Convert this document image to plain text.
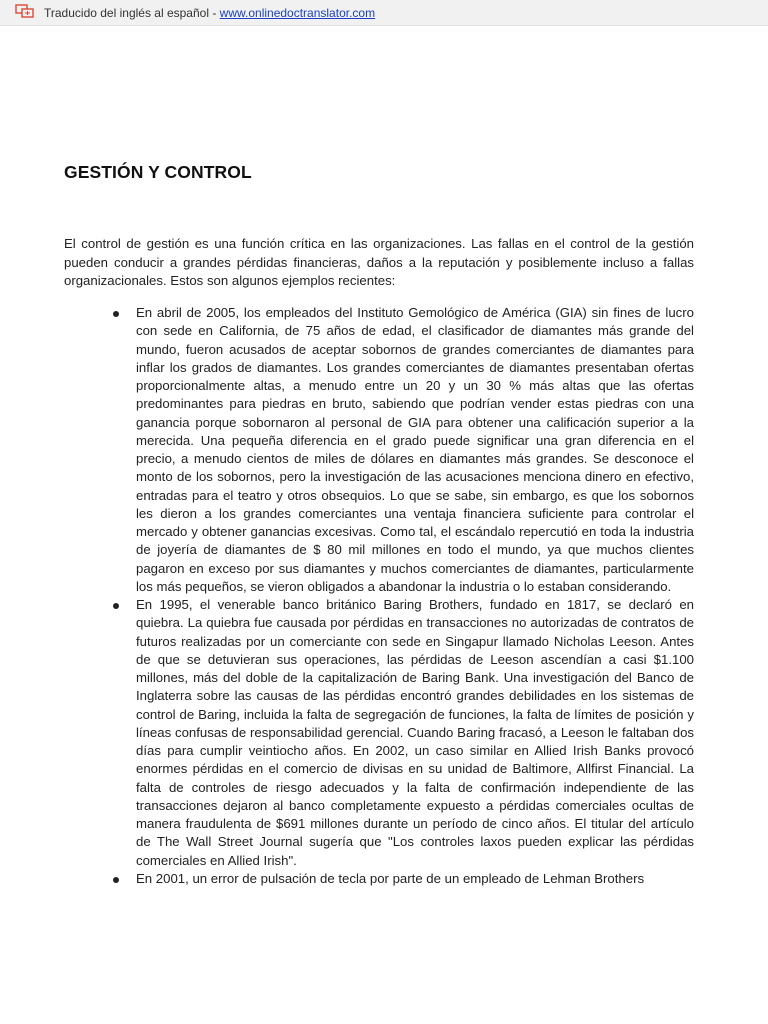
Traducido del inglés al español - www.onlinedoctranslator.com
GESTIÓN Y CONTROL

El control de gestión es una función crítica en las organizaciones. Las fallas en el control de la gestión pueden conducir a grandes pérdidas financieras, daños a la reputación y posiblemente incluso a fallas organizacionales. Estos son algunos ejemplos recientes:

En abril de 2005, los empleados del Instituto Gemológico de América (GIA) sin fines de lucro con sede en California, de 75 años de edad, el clasificador de diamantes más grande del mundo, fueron acusados de aceptar sobornos de grandes comerciantes de diamantes para inflar los grados de diamantes. Los grandes comerciantes de diamantes presentaban ofertas proporcionalmente altas, a menudo entre un 20 y un 30 % más altas que las ofertas predominantes para piedras en bruto, sabiendo que podrían vender estas piedras con una ganancia porque sobornaron al personal de GIA para obtener una calificación superior a la merecida. Una pequeña diferencia en el grado puede significar una gran diferencia en el precio, a menudo cientos de miles de dólares en diamantes más grandes. Se desconoce el monto de los sobornos, pero la investigación de las acusaciones menciona dinero en efectivo, entradas para el teatro y otros obsequios. Lo que se sabe, sin embargo, es que los sobornos les dieron a los grandes comerciantes una ventaja financiera suficiente para controlar el mercado y obtener ganancias excesivas. Como tal, el escándalo repercutió en toda la industria de joyería de diamantes de $ 80 mil millones en todo el mundo, ya que muchos clientes pagaron en exceso por sus diamantes y muchos comerciantes de diamantes, particularmente los más pequeños, se vieron obligados a abandonar la industria o lo estaban considerando.
En 1995, el venerable banco británico Baring Brothers, fundado en 1817, se declaró en quiebra. La quiebra fue causada por pérdidas en transacciones no autorizadas de contratos de futuros realizadas por un comerciante con sede en Singapur llamado Nicholas Leeson. Antes de que se detuvieran sus operaciones, las pérdidas de Leeson ascendían a casi $1.100 millones, más del doble de la capitalización de Baring Bank. Una investigación del Banco de Inglaterra sobre las causas de las pérdidas encontró grandes debilidades en los sistemas de control de Baring, incluida la falta de segregación de funciones, la falta de límites de posición y líneas confusas de responsabilidad gerencial. Cuando Baring fracasó, a Leeson le faltaban dos días para cumplir veintiocho años. En 2002, un caso similar en Allied Irish Banks provocó enormes pérdidas en el comercio de divisas en su unidad de Baltimore, Allfirst Financial. La falta de controles de riesgo adecuados y la falta de confirmación independiente de las transacciones dejaron al banco completamente expuesto a pérdidas comerciales ocultas de manera fraudulenta de $691 millones durante un período de cinco años. El titular del artículo de The Wall Street Journal sugería que "Los controles laxos pueden explicar las pérdidas comerciales en Allied Irish".
En 2001, un error de pulsación de tecla por parte de un empleado de Lehman Brothers
